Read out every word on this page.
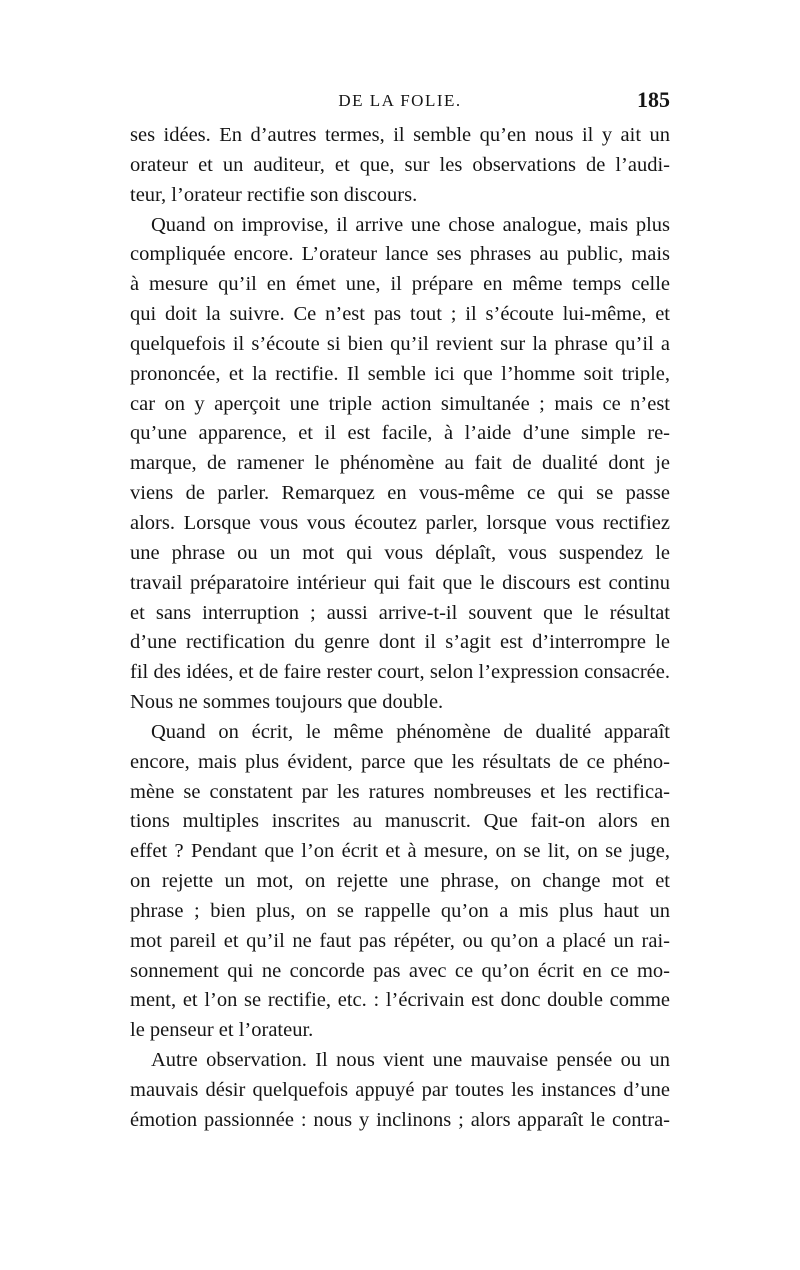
DE LA FOLIE.	185
ses idées. En d’autres termes, il semble qu’en nous il y ait un
orateur et un auditeur, et que, sur les observations de l’audi-
teur, l’orateur rectifie son discours.
Quand on improvise, il arrive une chose analogue, mais plus
compliquée encore. L’orateur lance ses phrases au public, mais
à mesure qu’il en émet une, il prépare en même temps celle
qui doit la suivre. Ce n’est pas tout ; il s’écoute lui-même, et
quelquefois il s’écoute si bien qu’il revient sur la phrase qu’il a
prononcée, et la rectifie. Il semble ici que l’homme soit triple,
car on y aperçoit une triple action simultanée ; mais ce n’est
qu’une apparence, et il est facile, à l’aide d’une simple re-
marque, de ramener le phénomène au fait de dualité dont je
viens de parler. Remarquez en vous-même ce qui se passe
alors. Lorsque vous vous écoutez parler, lorsque vous rectifiez
une phrase ou un mot qui vous déplaît, vous suspendez le
travail préparatoire intérieur qui fait que le discours est continu
et sans interruption ; aussi arrive-t-il souvent que le résultat
d’une rectification du genre dont il s’agit est d’interrompre le
fil des idées, et de faire rester court, selon l’expression consacrée.
Nous ne sommes toujours que double.
Quand on écrit, le même phénomène de dualité apparaît
encore, mais plus évident, parce que les résultats de ce phéno-
mène se constatent par les ratures nombreuses et les rectifica-
tions multiples inscrites au manuscrit. Que fait-on alors en
effet ? Pendant que l’on écrit et à mesure, on se lit, on se juge,
on rejette un mot, on rejette une phrase, on change mot et
phrase ; bien plus, on se rappelle qu’on a mis plus haut un
mot pareil et qu’il ne faut pas répéter, ou qu’on a placé un rai-
sonnement qui ne concorde pas avec ce qu’on écrit en ce mo-
ment, et l’on se rectifie, etc. : l’écrivain est donc double comme
le penseur et l’orateur.
Autre observation. Il nous vient une mauvaise pensée ou un
mauvais désir quelquefois appuyé par toutes les instances d’une
émotion passionnée : nous y inclinons ; alors apparaît le contra-
